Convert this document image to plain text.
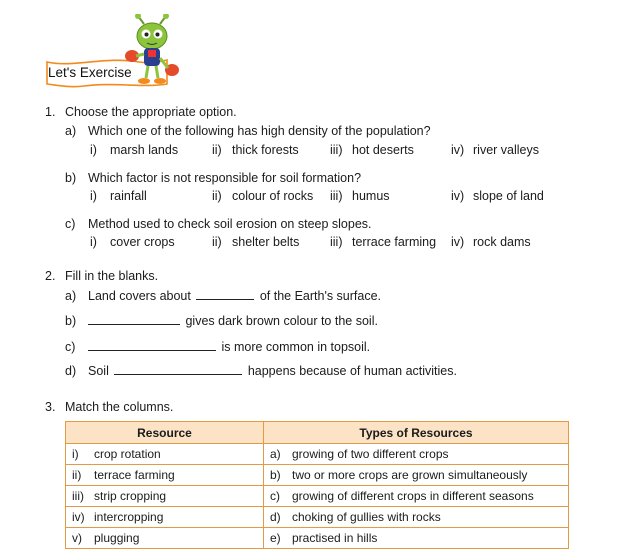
Let's Exercise
1. Choose the appropriate option.
a) Which one of the following has high density of the population?
i) marsh lands	ii) thick forests	iii) hot deserts	iv) river valleys
b) Which factor is not responsible for soil formation?
i) rainfall	ii) colour of rocks iii) humus	iv) slope of land
c) Method used to check soil erosion on steep slopes.
i) cover crops	ii) shelter belts iii) terrace farming iv) rock dams
2. Fill in the blanks.
a) Land covers about	of the Earth's surface.
b)	gives dark brown colour to the soil.
c)	is more common in topsoil.
d) Soil	happens because of human activities.
3. Match the columns.
Resource	Types of Resources
i) crop rotation	a) growing of two different crops
ii) terrace farming	b) two or more crops are grown simultaneously
iii) strip cropping	c) growing of different crops in different seasons
iv) intercropping	d) choking of gullies with rocks
v) plugging	e) practised in hills
